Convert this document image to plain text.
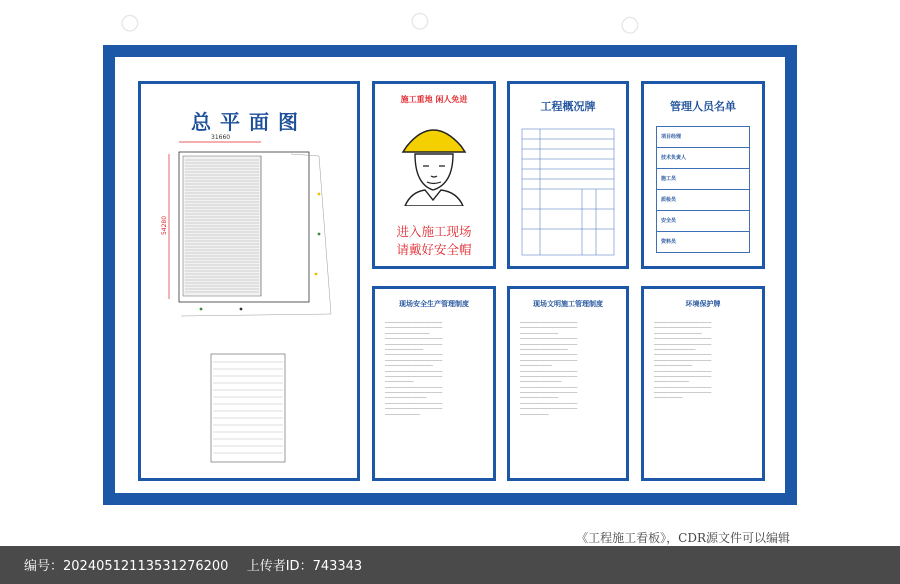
○	○	○
总平面图
31660
54280
施工重地 闲人免进
进入施工现场
请戴好安全帽
工程概况牌	管理人员名单
项目经理
技术负责人
施工员
质检员
安全员
资料员
现场安全生产管理制度

____________________________________

____________________________________

____________________________

____________________________________

____________________________________

________________________

____________________________________

____________________________________

______________________________

____________________________________

____________________________________

__________________

____________________________________

____________________________________

__________________________

____________________________________

____________________________________

______________________

现场文明施工管理制度

____________________________________

____________________________________

________________________

____________________________________

____________________________________

______________________________

____________________________________

____________________________________

____________________

____________________________________

____________________________________

__________________________

____________________________________

____________________________________

________________________

____________________________________

____________________________________

__________________

环境保护牌

____________________________________

____________________________________

______________________________

____________________________________

____________________________________

__________________________

____________________________________

____________________________________

________________________

____________________________________

____________________________________

______________________

____________________________________

____________________________________

__________________

《工程施工看板》，CDR源文件可以编辑
编号：20240512113531276200 上传者ID：743343
